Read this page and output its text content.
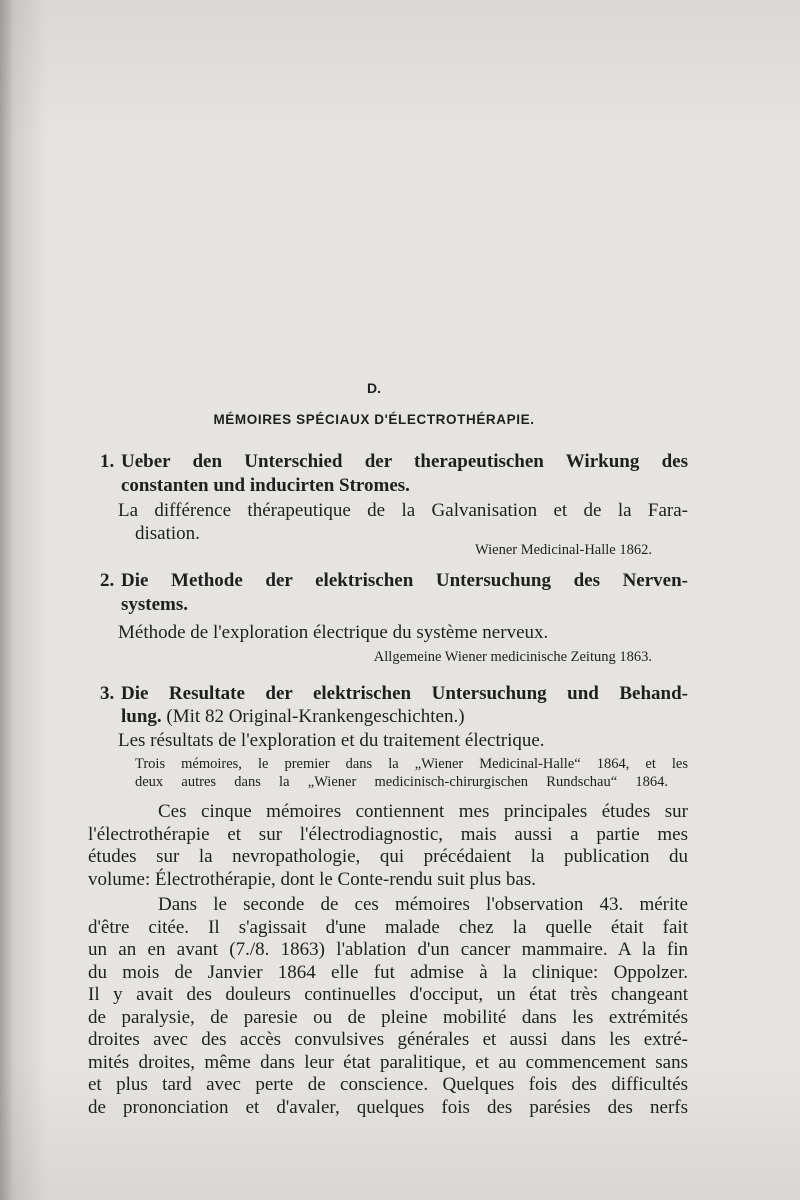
D.
MÉMOIRES SPÉCIAUX D'ÉLECTROTHÉRAPIE.
1. Ueber den Unterschied der therapeutischen Wirkung des
constanten und inducirten Stromes.
La différence thérapeutique de la Galvanisation et de la Fara-
disation.
Wiener Medicinal-Halle 1862.
2. Die Methode der elektrischen Untersuchung des Nerven-
systems.
Méthode de l'exploration électrique du système nerveux.
Allgemeine Wiener medicinische Zeitung 1863.
3. Die Resultate der elektrischen Untersuchung und Behand-
lung. (Mit 82 Original-Krankengeschichten.)
Les résultats de l'exploration et du traitement électrique.
Trois mémoires, le premier dans la „Wiener Medicinal-Halle“ 1864, et les
deux autres dans la „Wiener medicinisch-chirurgischen Rundschau“ 1864.
Ces cinque mémoires contiennent mes principales études sur
l'électrothérapie et sur l'électrodiagnostic, mais aussi a partie mes
études sur la nevropathologie, qui précédaient la publication du
volume: Électrothérapie, dont le Conte-rendu suit plus bas.
Dans le seconde de ces mémoires l'observation 43. mérite
d'être citée. Il s'agissait d'une malade chez la quelle était fait
un an en avant (7./8. 1863) l'ablation d'un cancer mammaire. A la fin
du mois de Janvier 1864 elle fut admise à la clinique: Oppolzer.
Il y avait des douleurs continuelles d'occiput, un état très changeant
de paralysie, de paresie ou de pleine mobilité dans les extrémités
droites avec des accès convulsives générales et aussi dans les extré-
mités droites, même dans leur état paralitique, et au commencement sans
et plus tard avec perte de conscience. Quelques fois des difficultés
de prononciation et d'avaler, quelques fois des parésies des nerfs
